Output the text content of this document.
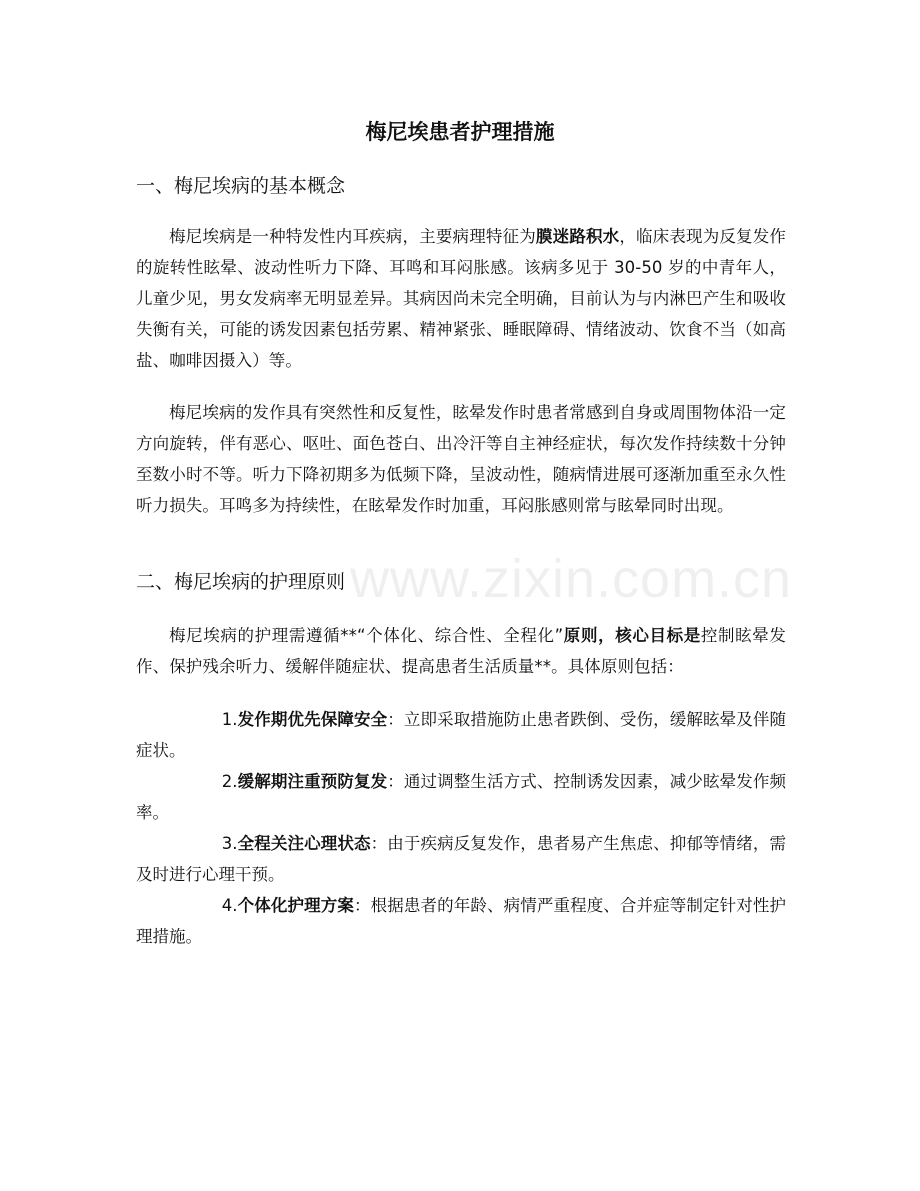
www.zixin.com.cn
梅尼埃患者护理措施
一、梅尼埃病的基本概念

梅尼埃病是一种特发性内耳疾病，主要病理特征为膜迷路积水，临床表现为反复发作的旋转性眩晕、波动性听力下降、耳鸣和耳闷胀感。该病多见于 30-50 岁的中青年人，儿童少见，男女发病率无明显差异。其病因尚未完全明确，目前认为与内淋巴产生和吸收失衡有关，可能的诱发因素包括劳累、精神紧张、睡眠障碍、情绪波动、饮食不当（如高盐、咖啡因摄入）等。

梅尼埃病的发作具有突然性和反复性，眩晕发作时患者常感到自身或周围物体沿一定方向旋转，伴有恶心、呕吐、面色苍白、出冷汗等自主神经症状，每次发作持续数十分钟至数小时不等。听力下降初期多为低频下降，呈波动性，随病情进展可逐渐加重至永久性听力损失。耳鸣多为持续性，在眩晕发作时加重，耳闷胀感则常与眩晕同时出现。

二、梅尼埃病的护理原则

梅尼埃病的护理需遵循**“个体化、综合性、全程化”原则，核心目标是控制眩晕发作、保护残余听力、缓解伴随症状、提高患者生活质量**。具体原则包括：

1.发作期优先保障安全：立即采取措施防止患者跌倒、受伤，缓解眩晕及伴随症状。
2.缓解期注重预防复发：通过调整生活方式、控制诱发因素，减少眩晕发作频率。
3.全程关注心理状态：由于疾病反复发作，患者易产生焦虑、抑郁等情绪，需及时进行心理干预。
4.个体化护理方案：根据患者的年龄、病情严重程度、合并症等制定针对性护理措施。
